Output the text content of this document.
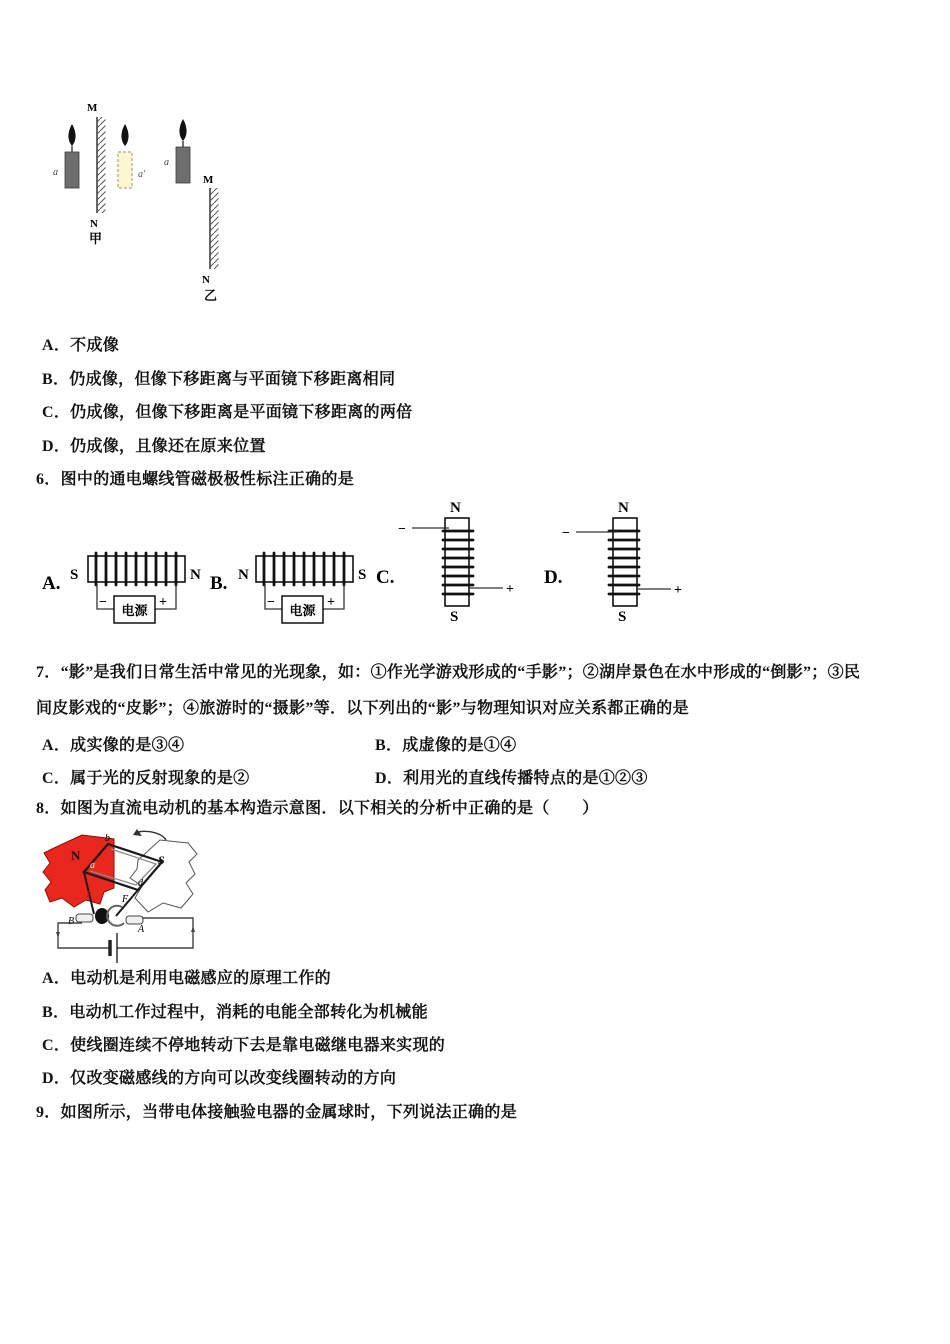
M
N
甲
a	a′
a
M
N
乙
A．不成像
B．仍成像，但像下移距离与平面镜下移距离相同
C．仍成像，但像下移距离是平面镜下移距离的两倍
D．仍成像，且像还在原来位置
6．图中的通电螺线管磁极极性标注正确的是
A. S	N
−	+
电源
B. N	S
−	+
电源
C.
N
−
+
S
D.
N
−
+
S
7．“影”是我们日常生活中常见的光现象，如：①作光学游戏形成的“手影”；②湖岸景色在水中形成的“倒影”；③民
间皮影戏的“皮影”；④旅游时的“摄影”等．以下列出的“影”与物理知识对应关系都正确的是
A．成实像的是③④	B．成虚像的是①④
C．属于光的反射现象的是②	D．利用光的直线传播特点的是①②③
8．如图为直流电动机的基本构造示意图．以下相关的分析中正确的是（　　）
N	S
b
a
d
F	F
B
A
A．电动机是利用电磁感应的原理工作的
B．电动机工作过程中，消耗的电能全部转化为机械能
C．使线圈连续不停地转动下去是靠电磁继电器来实现的
D．仅改变磁感线的方向可以改变线圈转动的方向
9．如图所示，当带电体接触验电器的金属球时，下列说法正确的是
